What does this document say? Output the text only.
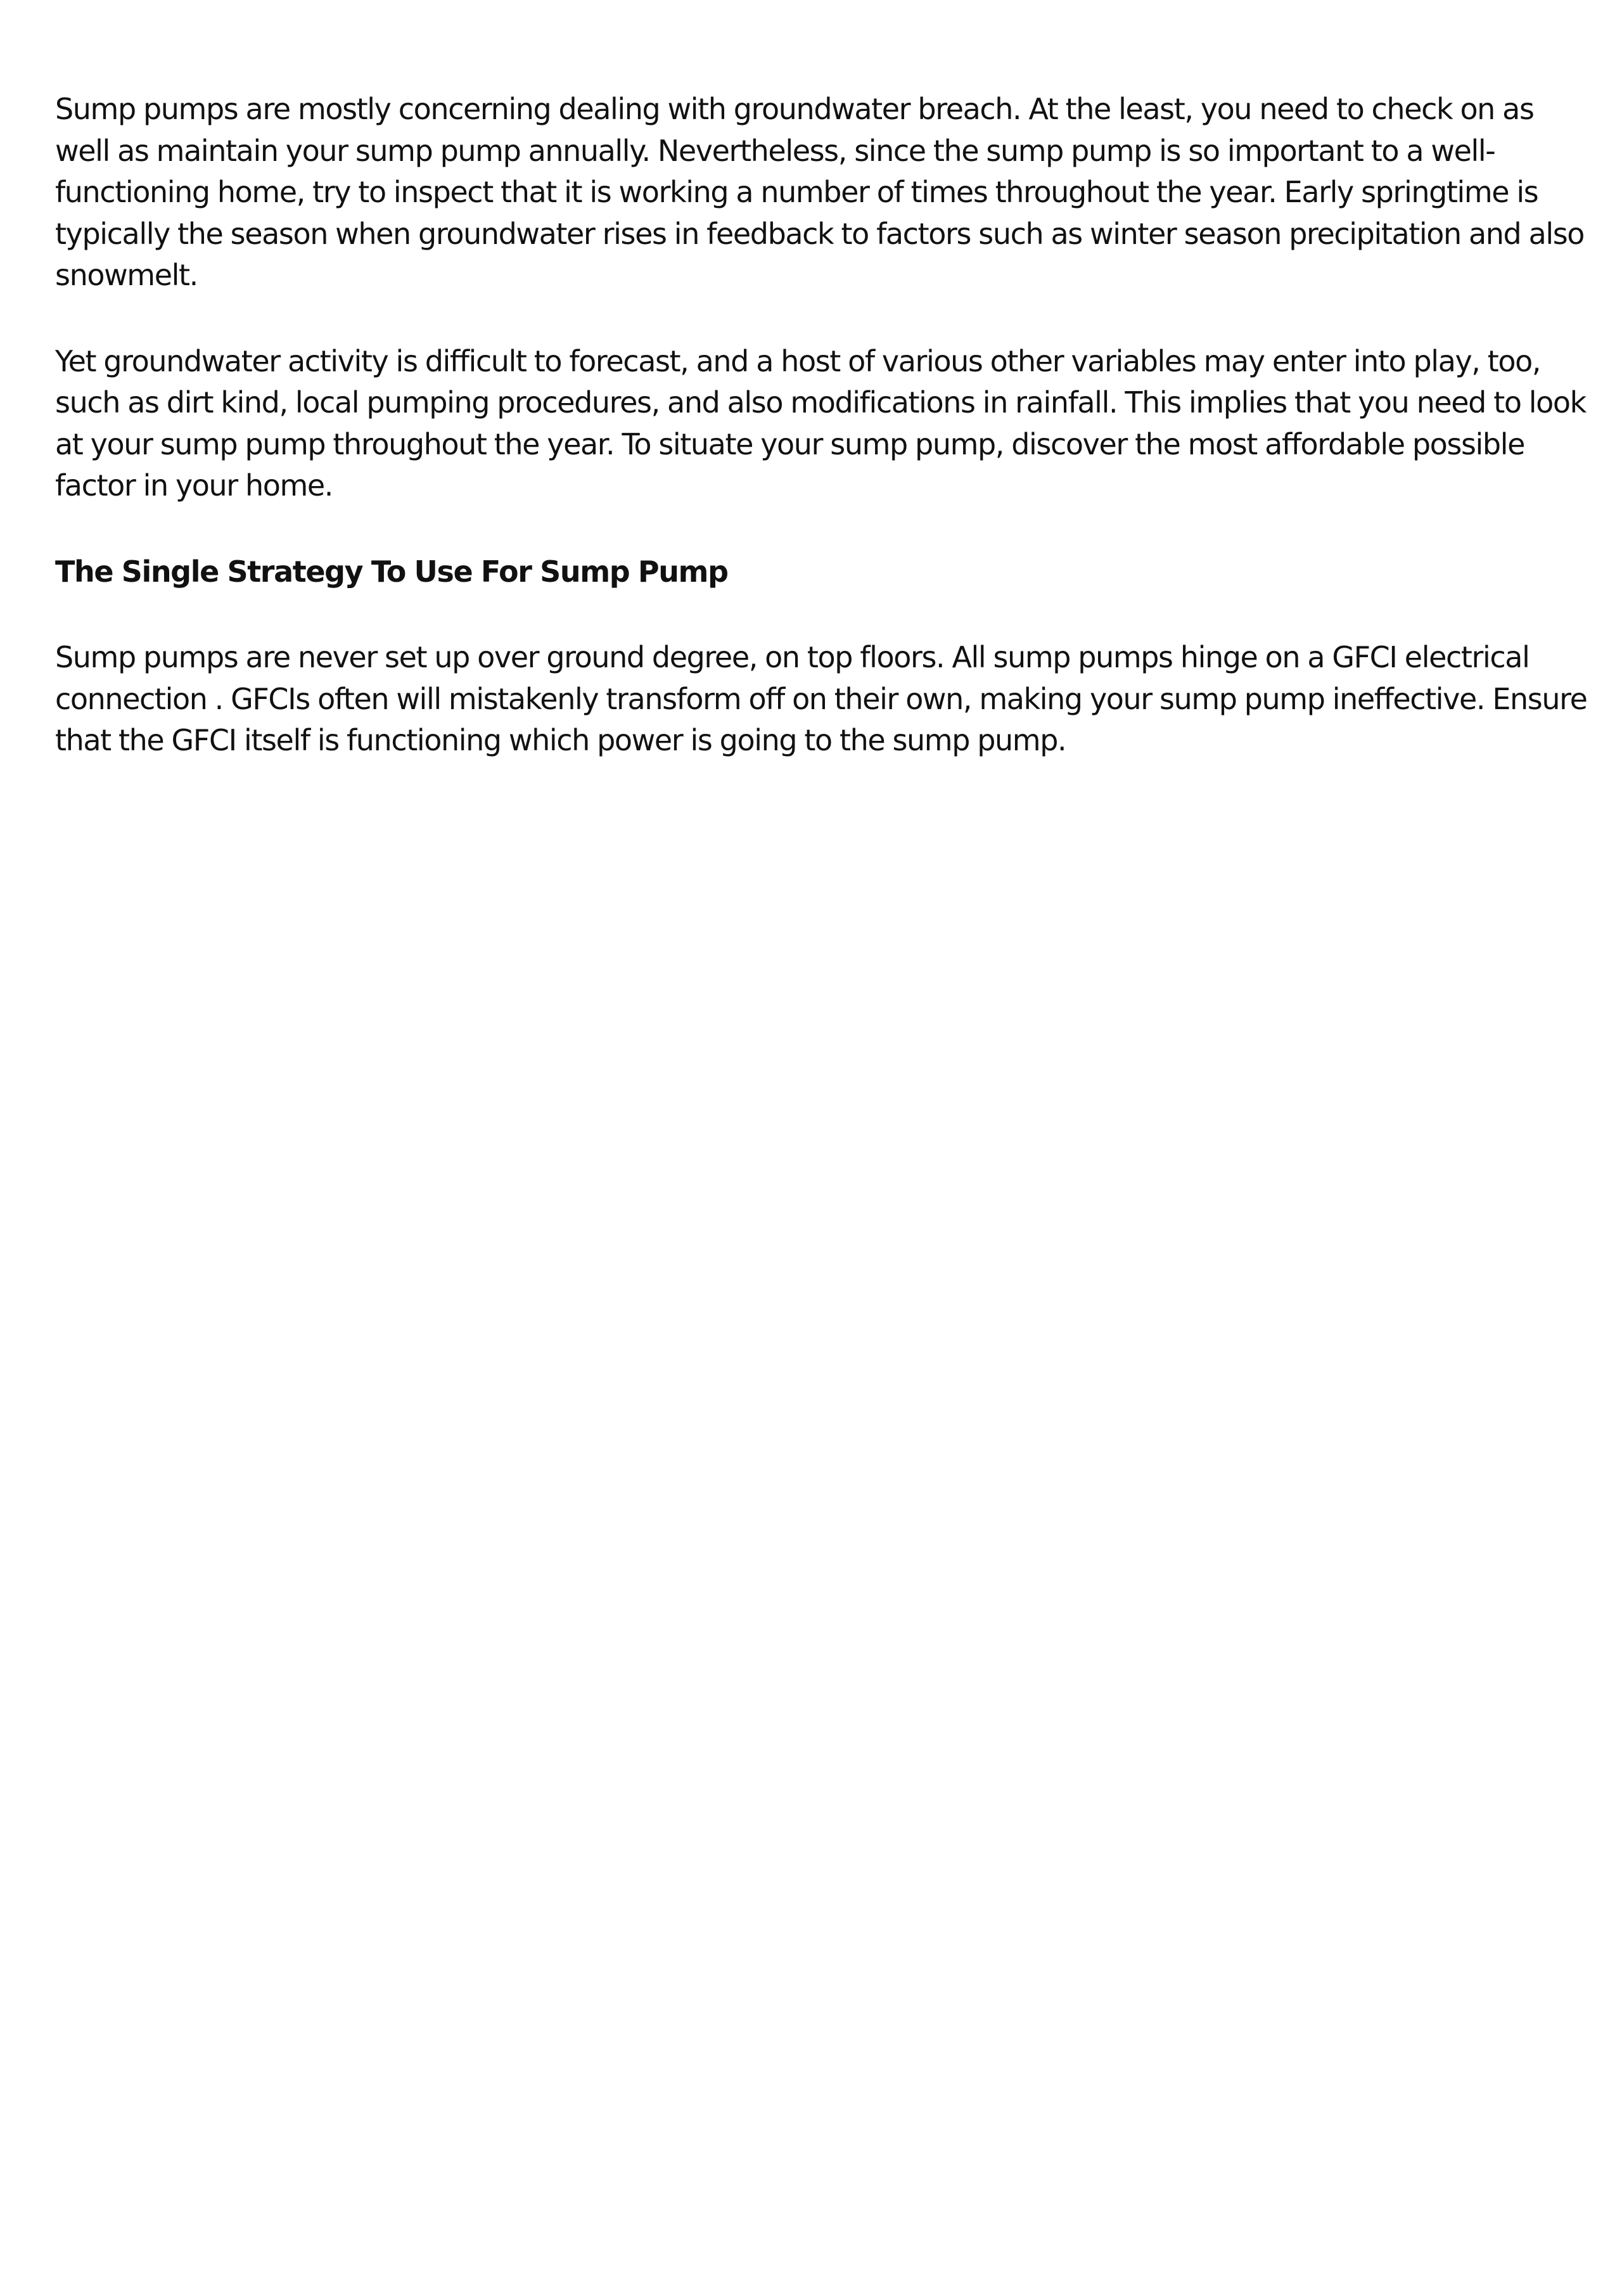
Sump pumps are mostly concerning dealing with groundwater breach. At the least, you need to check on as well as maintain your sump pump annually. Nevertheless, since the sump pump is so important to a well-functioning home, try to inspect that it is working a number of times throughout the year. Early springtime is typically the season when groundwater rises in feedback to factors such as winter season precipitation and also snowmelt.

Yet groundwater activity is difficult to forecast, and a host of various other variables may enter into play, too, such as dirt kind, local pumping procedures, and also modifications in rainfall. This implies that you need to look at your sump pump throughout the year. To situate your sump pump, discover the most affordable possible factor in your home.

The Single Strategy To Use For Sump Pump

Sump pumps are never set up over ground degree, on top floors. All sump pumps hinge on a GFCI electrical connection . GFCIs often will mistakenly transform off on their own, making your sump pump ineffective. Ensure that the GFCI itself is functioning which power is going to the sump pump.
